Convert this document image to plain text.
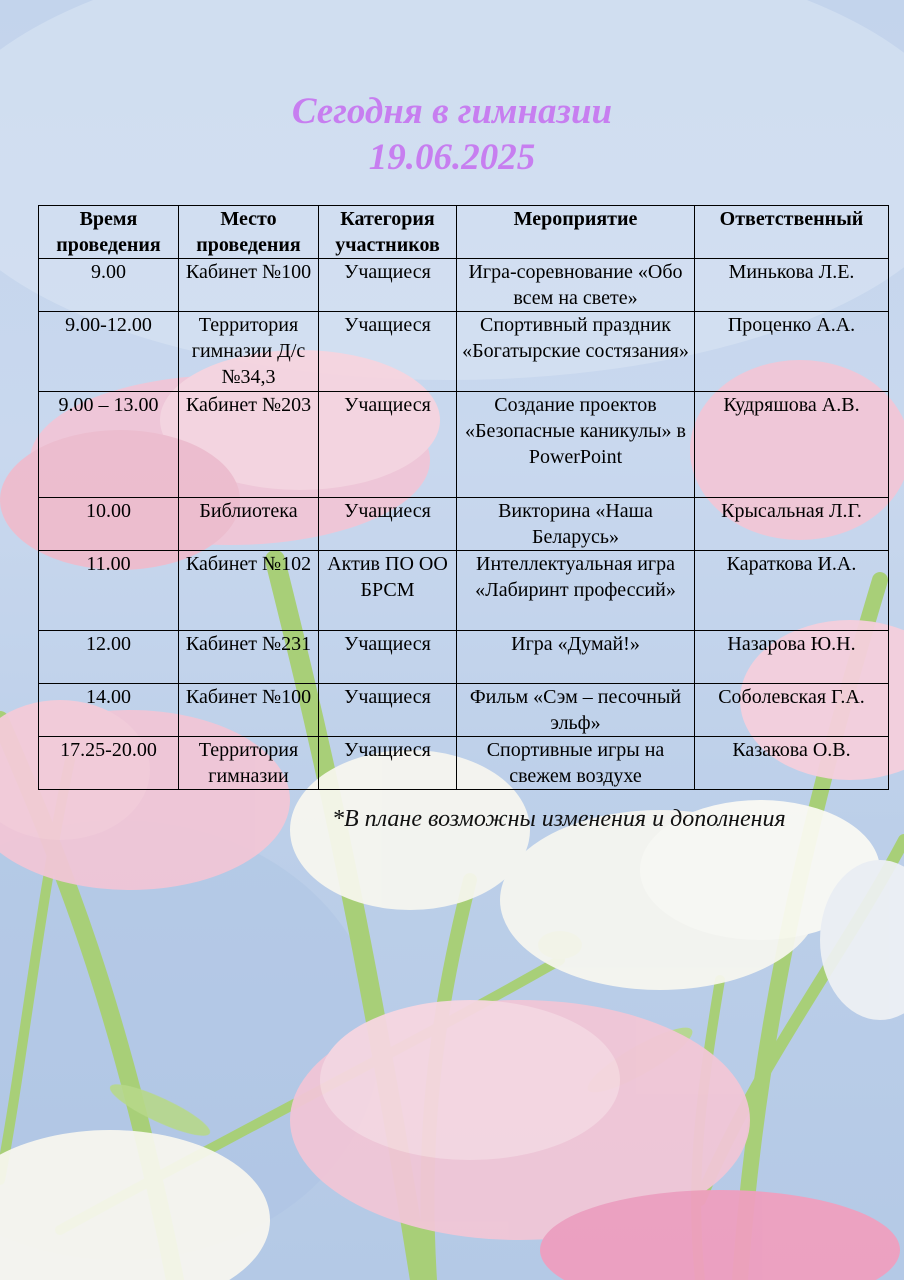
Сегодня в гимназии
19.06.2025
Время проведения	Место проведения	Категория участников	Мероприятие	Ответственный
9.00	Кабинет №100	Учащиеся	Игра-соревнование «Обо всем на свете»	Минькова Л.Е.
9.00-12.00	Территория гимназии Д/с №34,3	Учащиеся	Спортивный праздник «Богатырские состязания»	Проценко А.А.
9.00 – 13.00	Кабинет №203	Учащиеся	Создание проектов «Безопасные каникулы» в PowerPoint	Кудряшова А.В.
10.00	Библиотека	Учащиеся	Викторина «Наша Беларусь»	Крысальная Л.Г.
11.00	Кабинет №102	Актив ПО ОО БРСМ	Интеллектуальная игра «Лабиринт профессий»	Караткова И.А.
12.00	Кабинет №231	Учащиеся	Игра «Думай!»	Назарова Ю.Н.
14.00	Кабинет №100	Учащиеся	Фильм «Сэм – песочный эльф»	Соболевская Г.А.
17.25-20.00	Территория гимназии	Учащиеся	Спортивные игры на свежем воздухе	Казакова О.В.
*В плане возможны изменения и дополнения
